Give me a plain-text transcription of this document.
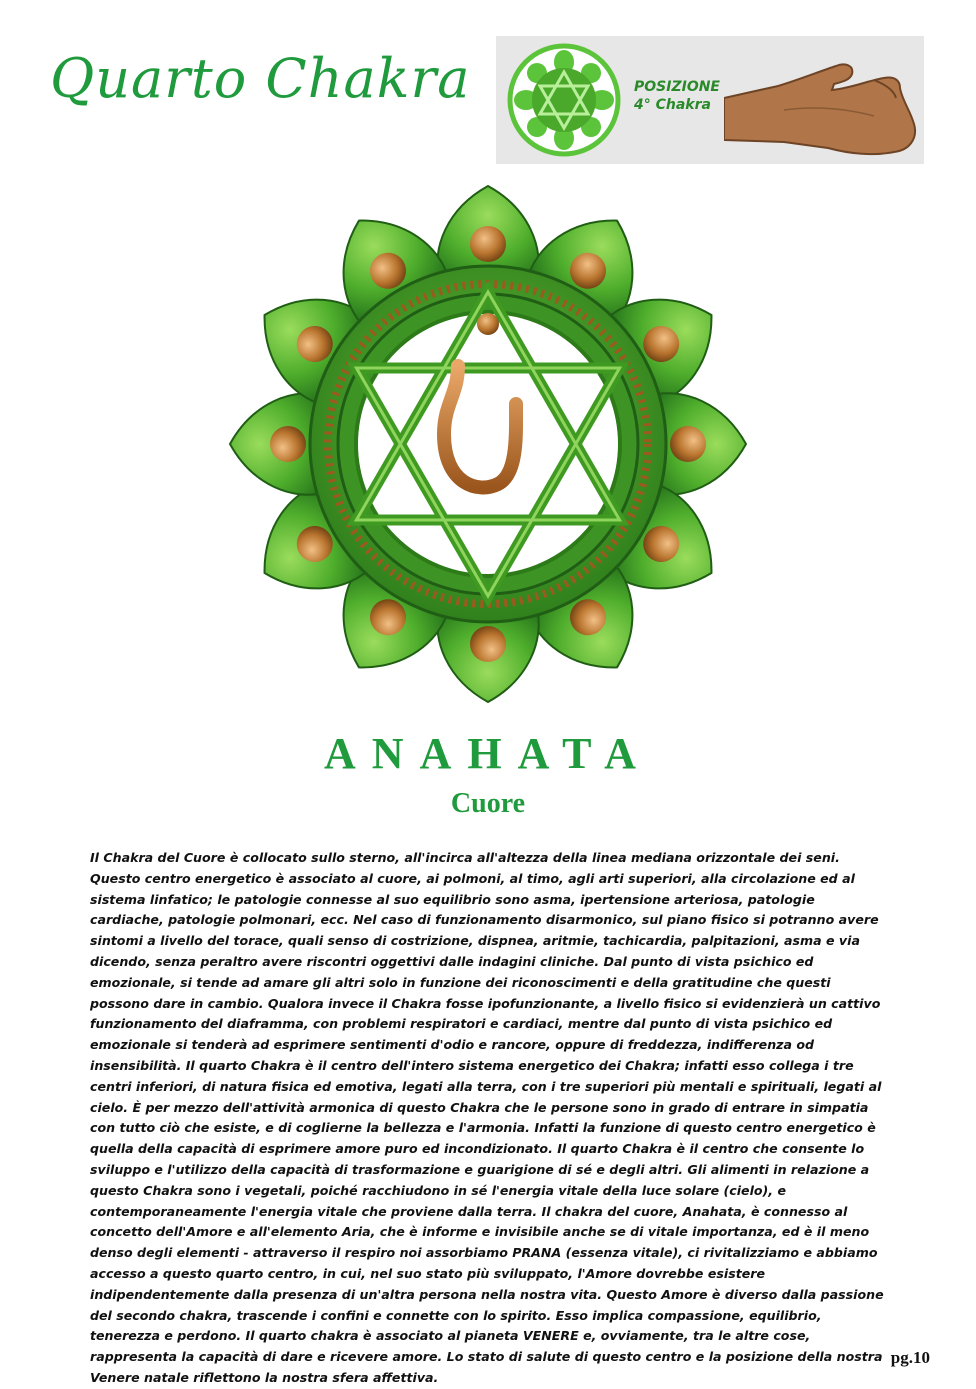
Quarto Chakra	POSIZIONE
4° Chakra
ANAHATA
Cuore
Il Chakra del Cuore è collocato sullo sterno, all'incirca all'altezza della linea mediana orizzontale dei seni. Questo centro energetico è associato al cuore, ai polmoni, al timo, agli arti superiori, alla circolazione ed al sistema linfatico; le patologie connesse al suo equilibrio sono asma, ipertensione arteriosa, patologie cardiache, patologie polmonari, ecc. Nel caso di funzionamento disarmonico, sul piano fisico si potranno avere sintomi a livello del torace, quali senso di costrizione, dispnea, aritmie, tachicardia, palpitazioni, asma e via dicendo, senza peraltro avere riscontri oggettivi dalle indagini cliniche. Dal punto di vista psichico ed emozionale, si tende ad amare gli altri solo in funzione dei riconoscimenti e della gratitudine che questi possono dare in cambio. Qualora invece il Chakra fosse ipofunzionante, a livello fisico si evidenzierà un cattivo funzionamento del diaframma, con problemi respiratori e cardiaci, mentre dal punto di vista psichico ed emozionale si tenderà ad esprimere sentimenti d'odio e rancore, oppure di freddezza, indifferenza od insensibilità. Il quarto Chakra è il centro dell'intero sistema energetico dei Chakra; infatti esso collega i tre centri inferiori, di natura fisica ed emotiva, legati alla terra, con i tre superiori più mentali e spirituali, legati al cielo. È per mezzo dell'attività armonica di questo Chakra che le persone sono in grado di entrare in simpatia con tutto ciò che esiste, e di coglierne la bellezza e l'armonia. Infatti la funzione di questo centro energetico è quella della capacità di esprimere amore puro ed incondizionato. Il quarto Chakra è il centro che consente lo sviluppo e l'utilizzo della capacità di trasformazione e guarigione di sé e degli altri. Gli alimenti in relazione a questo Chakra sono i vegetali, poiché racchiudono in sé l'energia vitale della luce solare (cielo), e contemporaneamente l'energia vitale che proviene dalla terra. Il chakra del cuore, Anahata, è connesso al concetto dell'Amore e all'elemento Aria, che è informe e invisibile anche se di vitale importanza, ed è il meno denso degli elementi - attraverso il respiro noi assorbiamo PRANA (essenza vitale), ci rivitalizziamo e abbiamo accesso a questo quarto centro, in cui, nel suo stato più sviluppato, l'Amore dovrebbe esistere indipendentemente dalla presenza di un'altra persona nella nostra vita. Questo Amore è diverso dalla passione del secondo chakra, trascende i confini e connette con lo spirito. Esso implica compassione, equilibrio, tenerezza e perdono. Il quarto chakra è associato al pianeta VENERE e, ovviamente, tra le altre cose, rappresenta la capacità di dare e ricevere amore. Lo stato di salute di questo centro e la posizione della nostra Venere natale riflettono la nostra sfera affettiva.
pg.10
